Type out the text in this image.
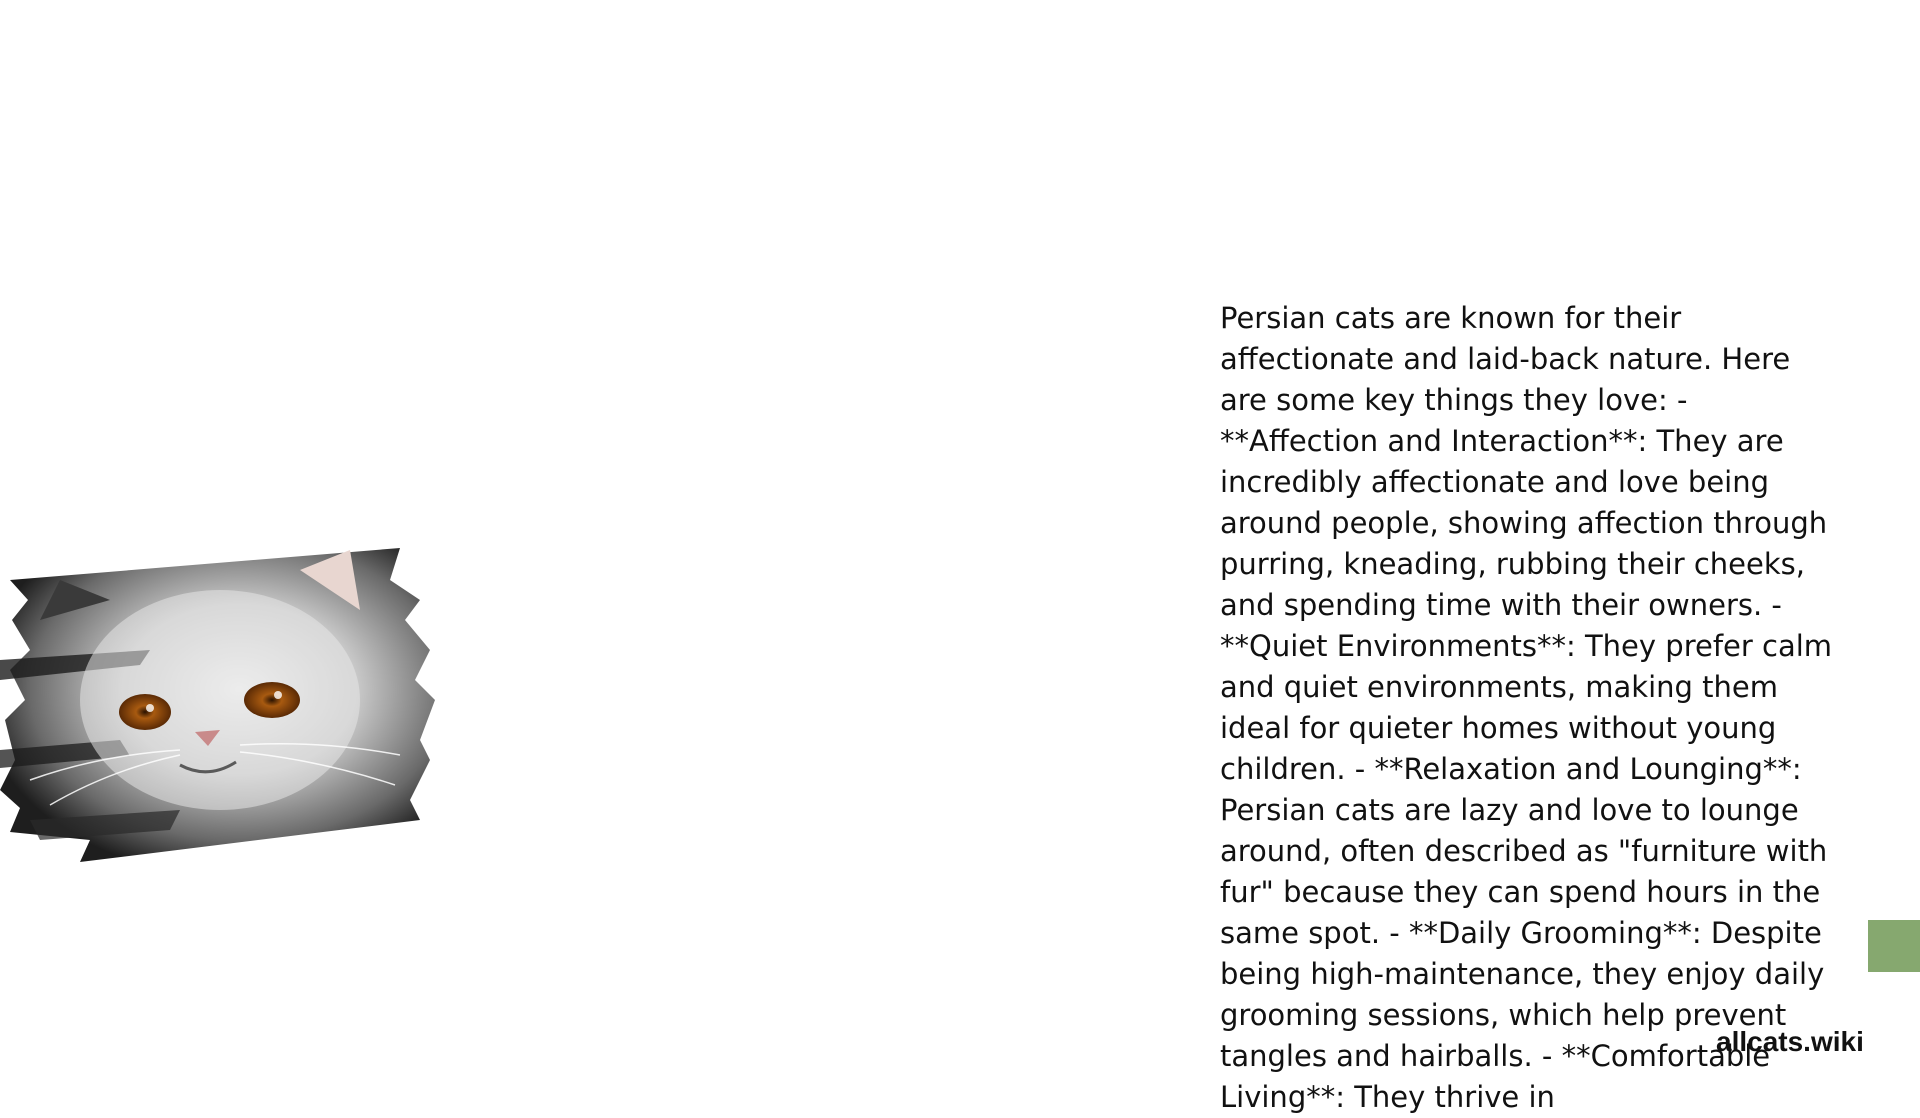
Persian cats are known for their affectionate and laid-back nature. Here are some key things they love: - **Affection and Interaction**: They are incredibly affectionate and love being around people, showing affection through purring, kneading, rubbing their cheeks, and spending time with their owners. - **Quiet Environments**: They prefer calm and quiet environments, making them ideal for quieter homes without young children. - **Relaxation and Lounging**: Persian cats are lazy and love to lounge around, often described as "furniture with fur" because they can spend hours in the same spot. - **Daily Grooming**: Despite being high-maintenance, they enjoy daily grooming sessions, which help prevent tangles and hairballs. - **Comfortable Living**: They thrive in

allcats.wiki
